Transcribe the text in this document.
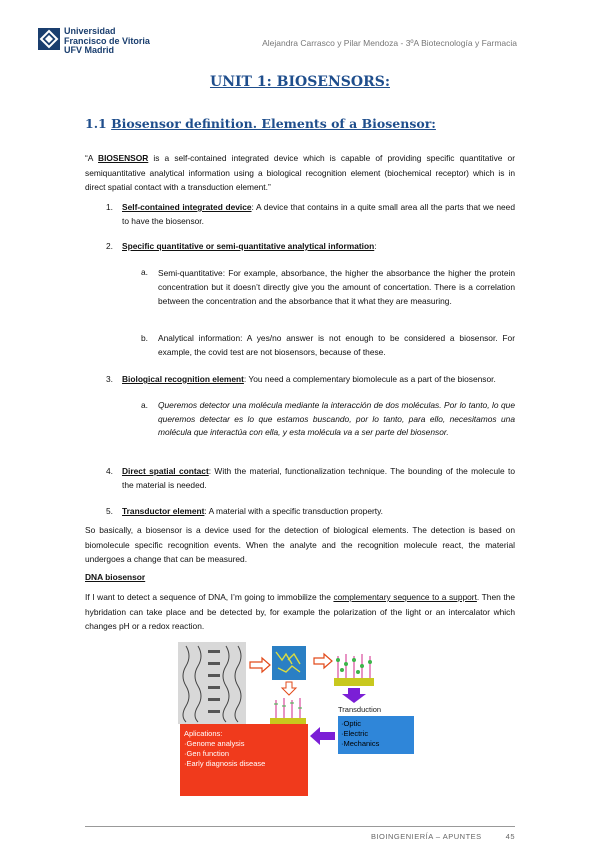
Universidad
Francisco de Vitoria
UFV Madrid
Alejandra Carrasco y Pilar Mendoza - 3ºA Biotecnología y Farmacia
UNIT 1: BIOSENSORS:
1.1 Biosensor definition. Elements of a Biosensor:
“A BIOSENSOR is a self-contained integrated device which is capable of providing specific quantitative or semiquantitative analytical information using a biological recognition element (biochemical receptor) which is in direct spatial contact with a transduction element.”
1. Self-contained integrated device: A device that contains in a quite small area all the parts that we need to have the biosensor.
2. Specific quantitative or semi-quantitative analytical information:
a. Semi-quantitative: For example, absorbance, the higher the absorbance the higher the protein concentration but it doesn’t directly give you the amount of concertation. There is a correlation between the concentration and the absorbance that it what they are measuring.
b. Analytical information: A yes/no answer is not enough to be considered a biosensor. For example, the covid test are not biosensors, because of these.
3. Biological recognition element: You need a complementary biomolecule as a part of the biosensor.
a. Queremos detector una molécula mediante la interacción de dos moléculas. Por lo tanto, lo que queremos detectar es lo que estamos buscando, por lo tanto, para ello, necesitamos una molécula que interactúa con ella, y esta molécula va a ser parte del biosensor.
4. Direct spatial contact: With the material, functionalization technique. The bounding of the molecule to the material is needed.
5. Transductor element: A material with a specific transduction property.
So basically, a biosensor is a device used for the detection of biological elements. The detection is based on biomolecule specific recognition events. When the analyte and the recognition molecule react, the material undergoes a change that can be measured.
DNA biosensor
If I want to detect a sequence of DNA, I’m going to immobilize the complementary sequence to a support. Then the hybridation can take place and be detected by, for example the polarization of the light or an intercalator which changes pH or a redox reaction.
Transduction
·Optic
·Electric
·Mechanics
Aplications:
·Genome analysis
·Gen function
·Early diagnosis disease
BIOINGENIERÍA – APUNTES	45
